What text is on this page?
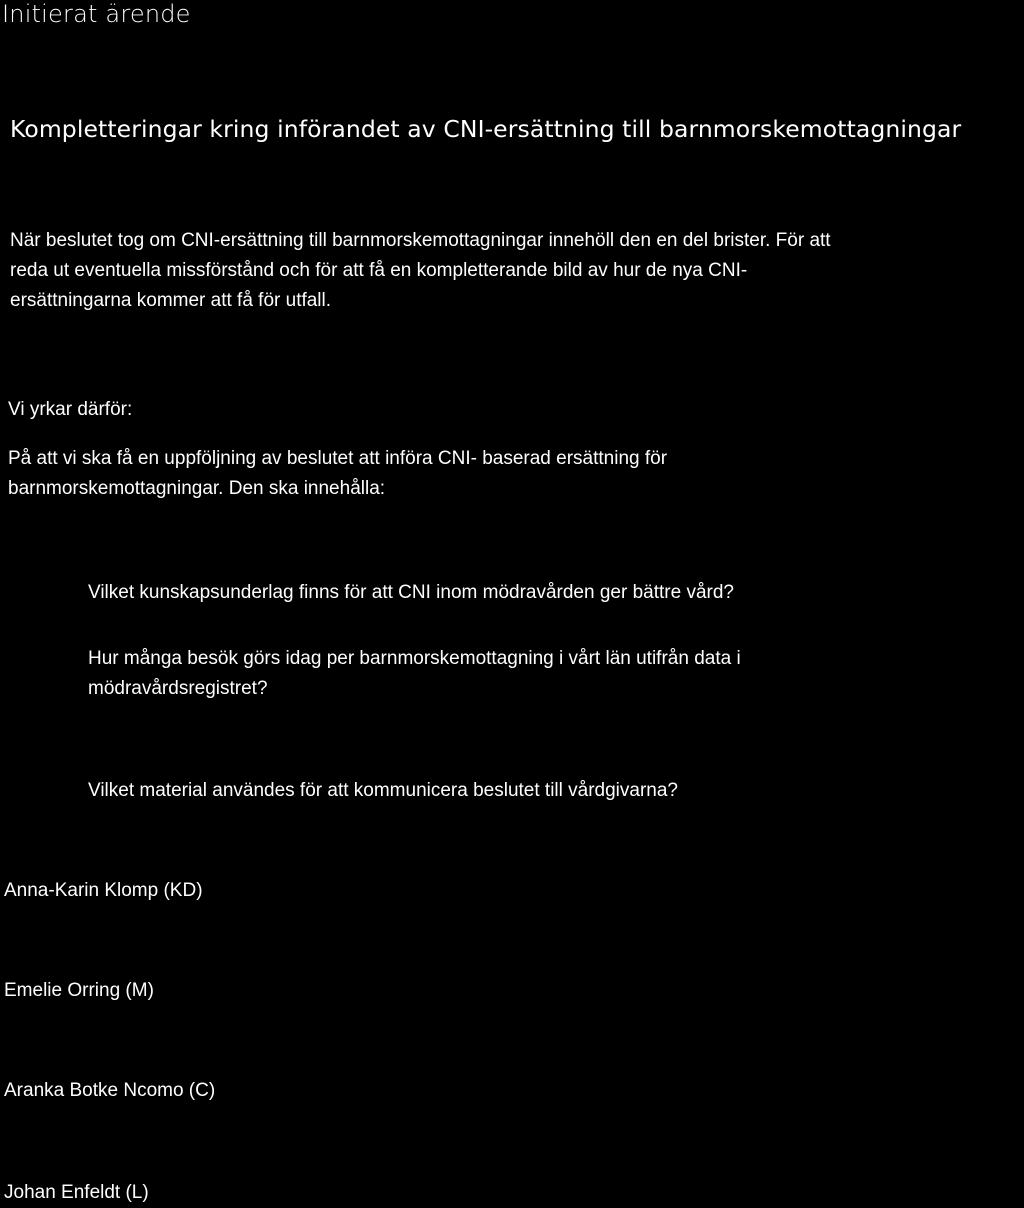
Initierat ärende
Kompletteringar kring införandet av CNI-ersättning till barnmorskemottagningar
När beslutet tog om CNI-ersättning till barnmorskemottagningar innehöll den en del brister. För att
reda ut eventuella missförstånd och för att få en kompletterande bild av hur de nya CNI-
ersättningarna kommer att få för utfall.
Vi yrkar därför:
På att vi ska få en uppföljning av beslutet att införa CNI- baserad ersättning för
barnmorskemottagningar. Den ska innehålla:
Vilket kunskapsunderlag finns för att CNI inom mödravården ger bättre vård?
Hur många besök görs idag per barnmorskemottagning i vårt län utifrån data i
mödravårdsregistret?
Vilket material användes för att kommunicera beslutet till vårdgivarna?
Anna-Karin Klomp (KD)
Emelie Orring (M)
Aranka Botke Ncomo (C)
Johan Enfeldt (L)
